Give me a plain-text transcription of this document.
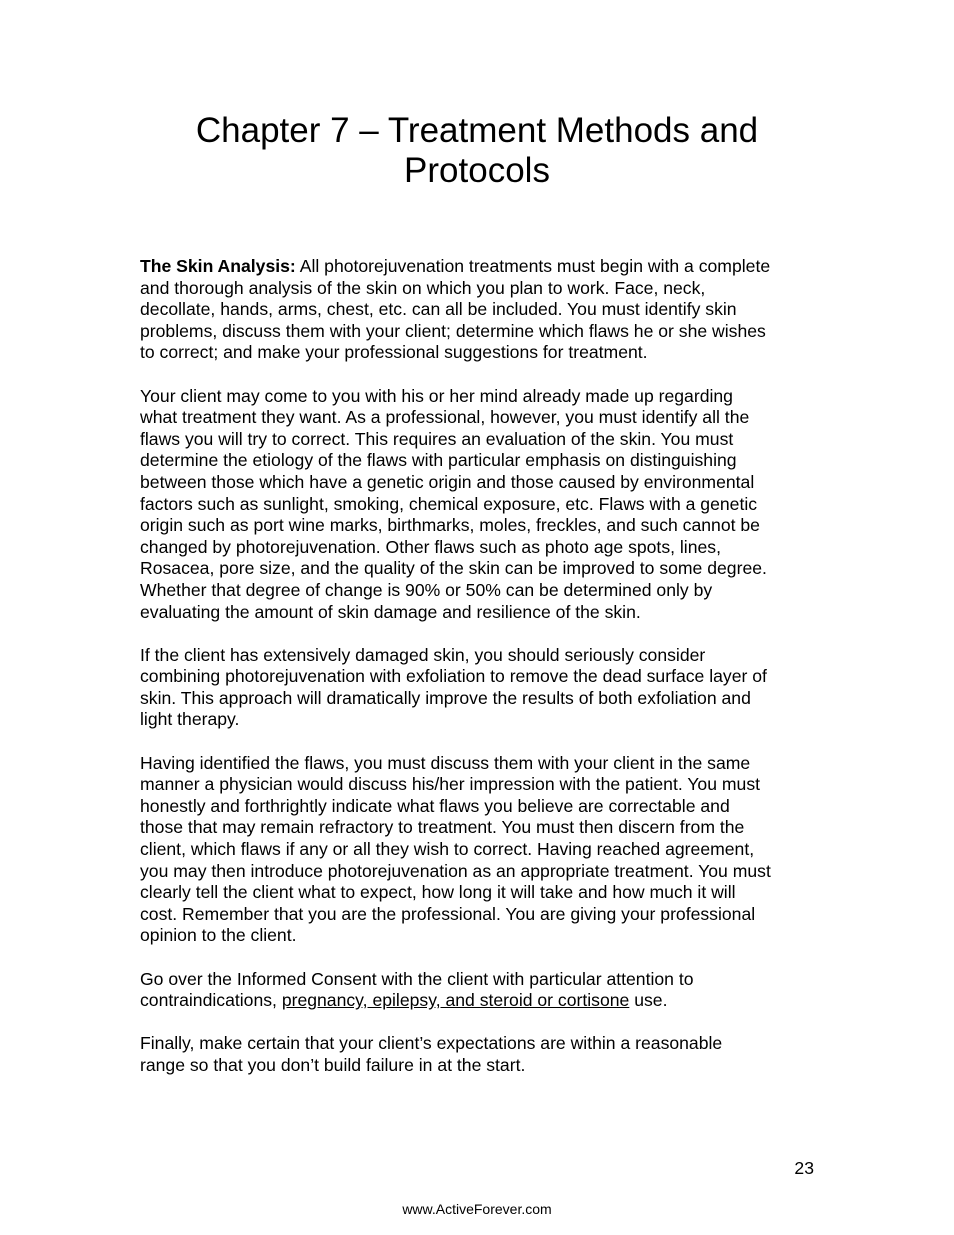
Chapter 7 – Treatment Methods and
Protocols

The Skin Analysis: All photorejuvenation treatments must begin with a complete
and thorough analysis of the skin on which you plan to work. Face, neck,
decollate, hands, arms, chest, etc. can all be included. You must identify skin
problems, discuss them with your client; determine which flaws he or she wishes
to correct; and make your professional suggestions for treatment.

Your client may come to you with his or her mind already made up regarding
what treatment they want. As a professional, however, you must identify all the
flaws you will try to correct. This requires an evaluation of the skin. You must
determine the etiology of the flaws with particular emphasis on distinguishing
between those which have a genetic origin and those caused by environmental
factors such as sunlight, smoking, chemical exposure, etc. Flaws with a genetic
origin such as port wine marks, birthmarks, moles, freckles, and such cannot be
changed by photorejuvenation. Other flaws such as photo age spots, lines,
Rosacea, pore size, and the quality of the skin can be improved to some degree.
Whether that degree of change is 90% or 50% can be determined only by
evaluating the amount of skin damage and resilience of the skin.

If the client has extensively damaged skin, you should seriously consider
combining photorejuvenation with exfoliation to remove the dead surface layer of
skin. This approach will dramatically improve the results of both exfoliation and
light therapy.

Having identified the flaws, you must discuss them with your client in the same
manner a physician would discuss his/her impression with the patient. You must
honestly and forthrightly indicate what flaws you believe are correctable and
those that may remain refractory to treatment. You must then discern from the
client, which flaws if any or all they wish to correct. Having reached agreement,
you may then introduce photorejuvenation as an appropriate treatment. You must
clearly tell the client what to expect, how long it will take and how much it will
cost. Remember that you are the professional. You are giving your professional
opinion to the client.

Go over the Informed Consent with the client with particular attention to
contraindications, pregnancy, epilepsy, and steroid or cortisone use.

Finally, make certain that your client’s expectations are within a reasonable
range so that you don’t build failure in at the start.

23
www.ActiveForever.com
